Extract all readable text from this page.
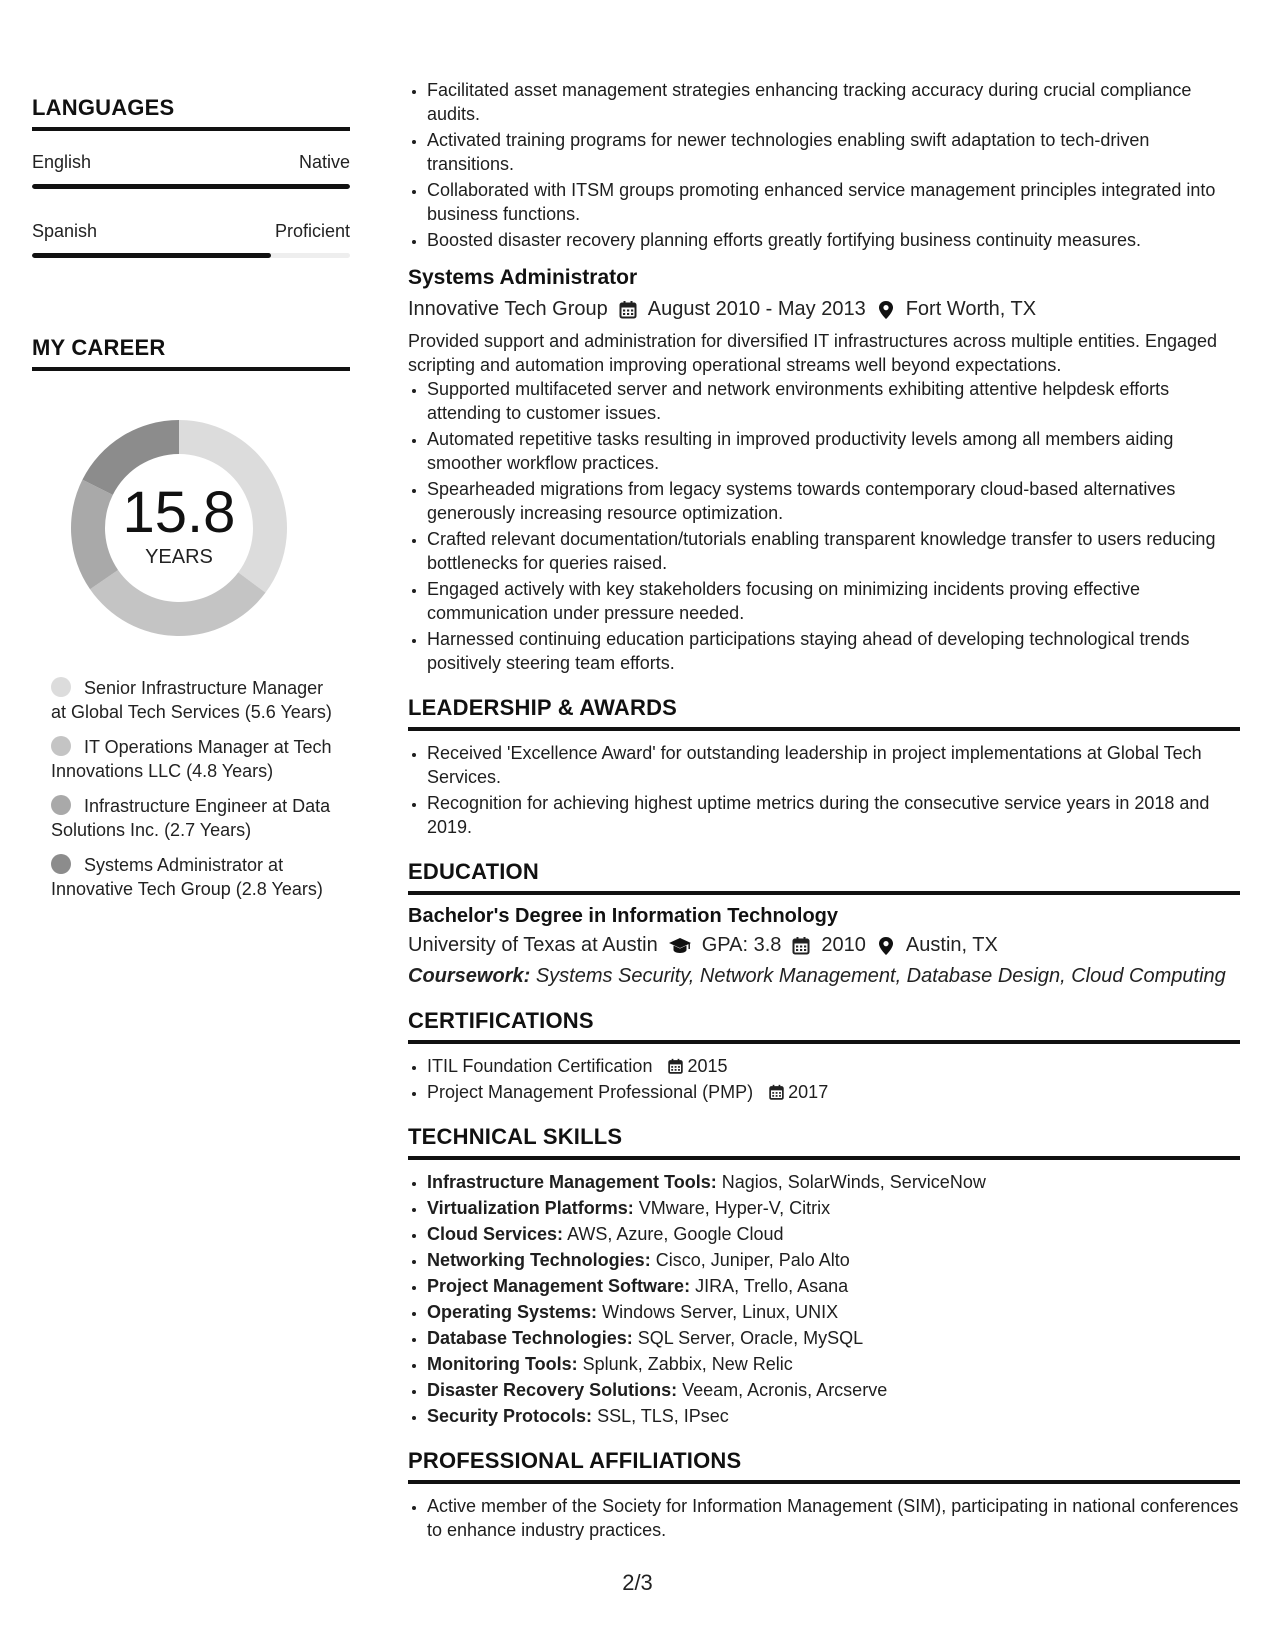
LANGUAGES
English	Native
Spanish	Proficient
MY CAREER
15.8
YEARS
Senior Infrastructure Manager at Global Tech Services (5.6 Years)
IT Operations Manager at Tech Innovations LLC (4.8 Years)
Infrastructure Engineer at Data Solutions Inc. (2.7 Years)
Systems Administrator at Innovative Tech Group (2.8 Years)
• Facilitated asset management strategies enhancing tracking accuracy during crucial compliance audits.
• Activated training programs for newer technologies enabling swift adaptation to tech-driven transitions.
• Collaborated with ITSM groups promoting enhanced service management principles integrated into business functions.
• Boosted disaster recovery planning efforts greatly fortifying business continuity measures.
Systems Administrator
Innovative Tech Group August 2010 - May 2013 Fort Worth, TX
Provided support and administration for diversified IT infrastructures across multiple entities. Engaged scripting and automation improving operational streams well beyond expectations.
• Supported multifaceted server and network environments exhibiting attentive helpdesk efforts attending to customer issues.
• Automated repetitive tasks resulting in improved productivity levels among all members aiding smoother workflow practices.
• Spearheaded migrations from legacy systems towards contemporary cloud-based alternatives generously increasing resource optimization.
• Crafted relevant documentation/tutorials enabling transparent knowledge transfer to users reducing bottlenecks for queries raised.
• Engaged actively with key stakeholders focusing on minimizing incidents proving effective communication under pressure needed.
• Harnessed continuing education participations staying ahead of developing technological trends positively steering team efforts.
LEADERSHIP & AWARDS
• Received 'Excellence Award' for outstanding leadership in project implementations at Global Tech Services.
• Recognition for achieving highest uptime metrics during the consecutive service years in 2018 and 2019.
EDUCATION
Bachelor's Degree in Information Technology
University of Texas at Austin GPA: 3.8 2010 Austin, TX
Coursework: Systems Security, Network Management, Database Design, Cloud Computing
CERTIFICATIONS
• ITIL Foundation Certification 2015
• Project Management Professional (PMP) 2017
TECHNICAL SKILLS
• Infrastructure Management Tools: Nagios, SolarWinds, ServiceNow
• Virtualization Platforms: VMware, Hyper-V, Citrix
• Cloud Services: AWS, Azure, Google Cloud
• Networking Technologies: Cisco, Juniper, Palo Alto
• Project Management Software: JIRA, Trello, Asana
• Operating Systems: Windows Server, Linux, UNIX
• Database Technologies: SQL Server, Oracle, MySQL
• Monitoring Tools: Splunk, Zabbix, New Relic
• Disaster Recovery Solutions: Veeam, Acronis, Arcserve
• Security Protocols: SSL, TLS, IPsec
PROFESSIONAL AFFILIATIONS
• Active member of the Society for Information Management (SIM), participating in national conferences to enhance industry practices.
2/3
